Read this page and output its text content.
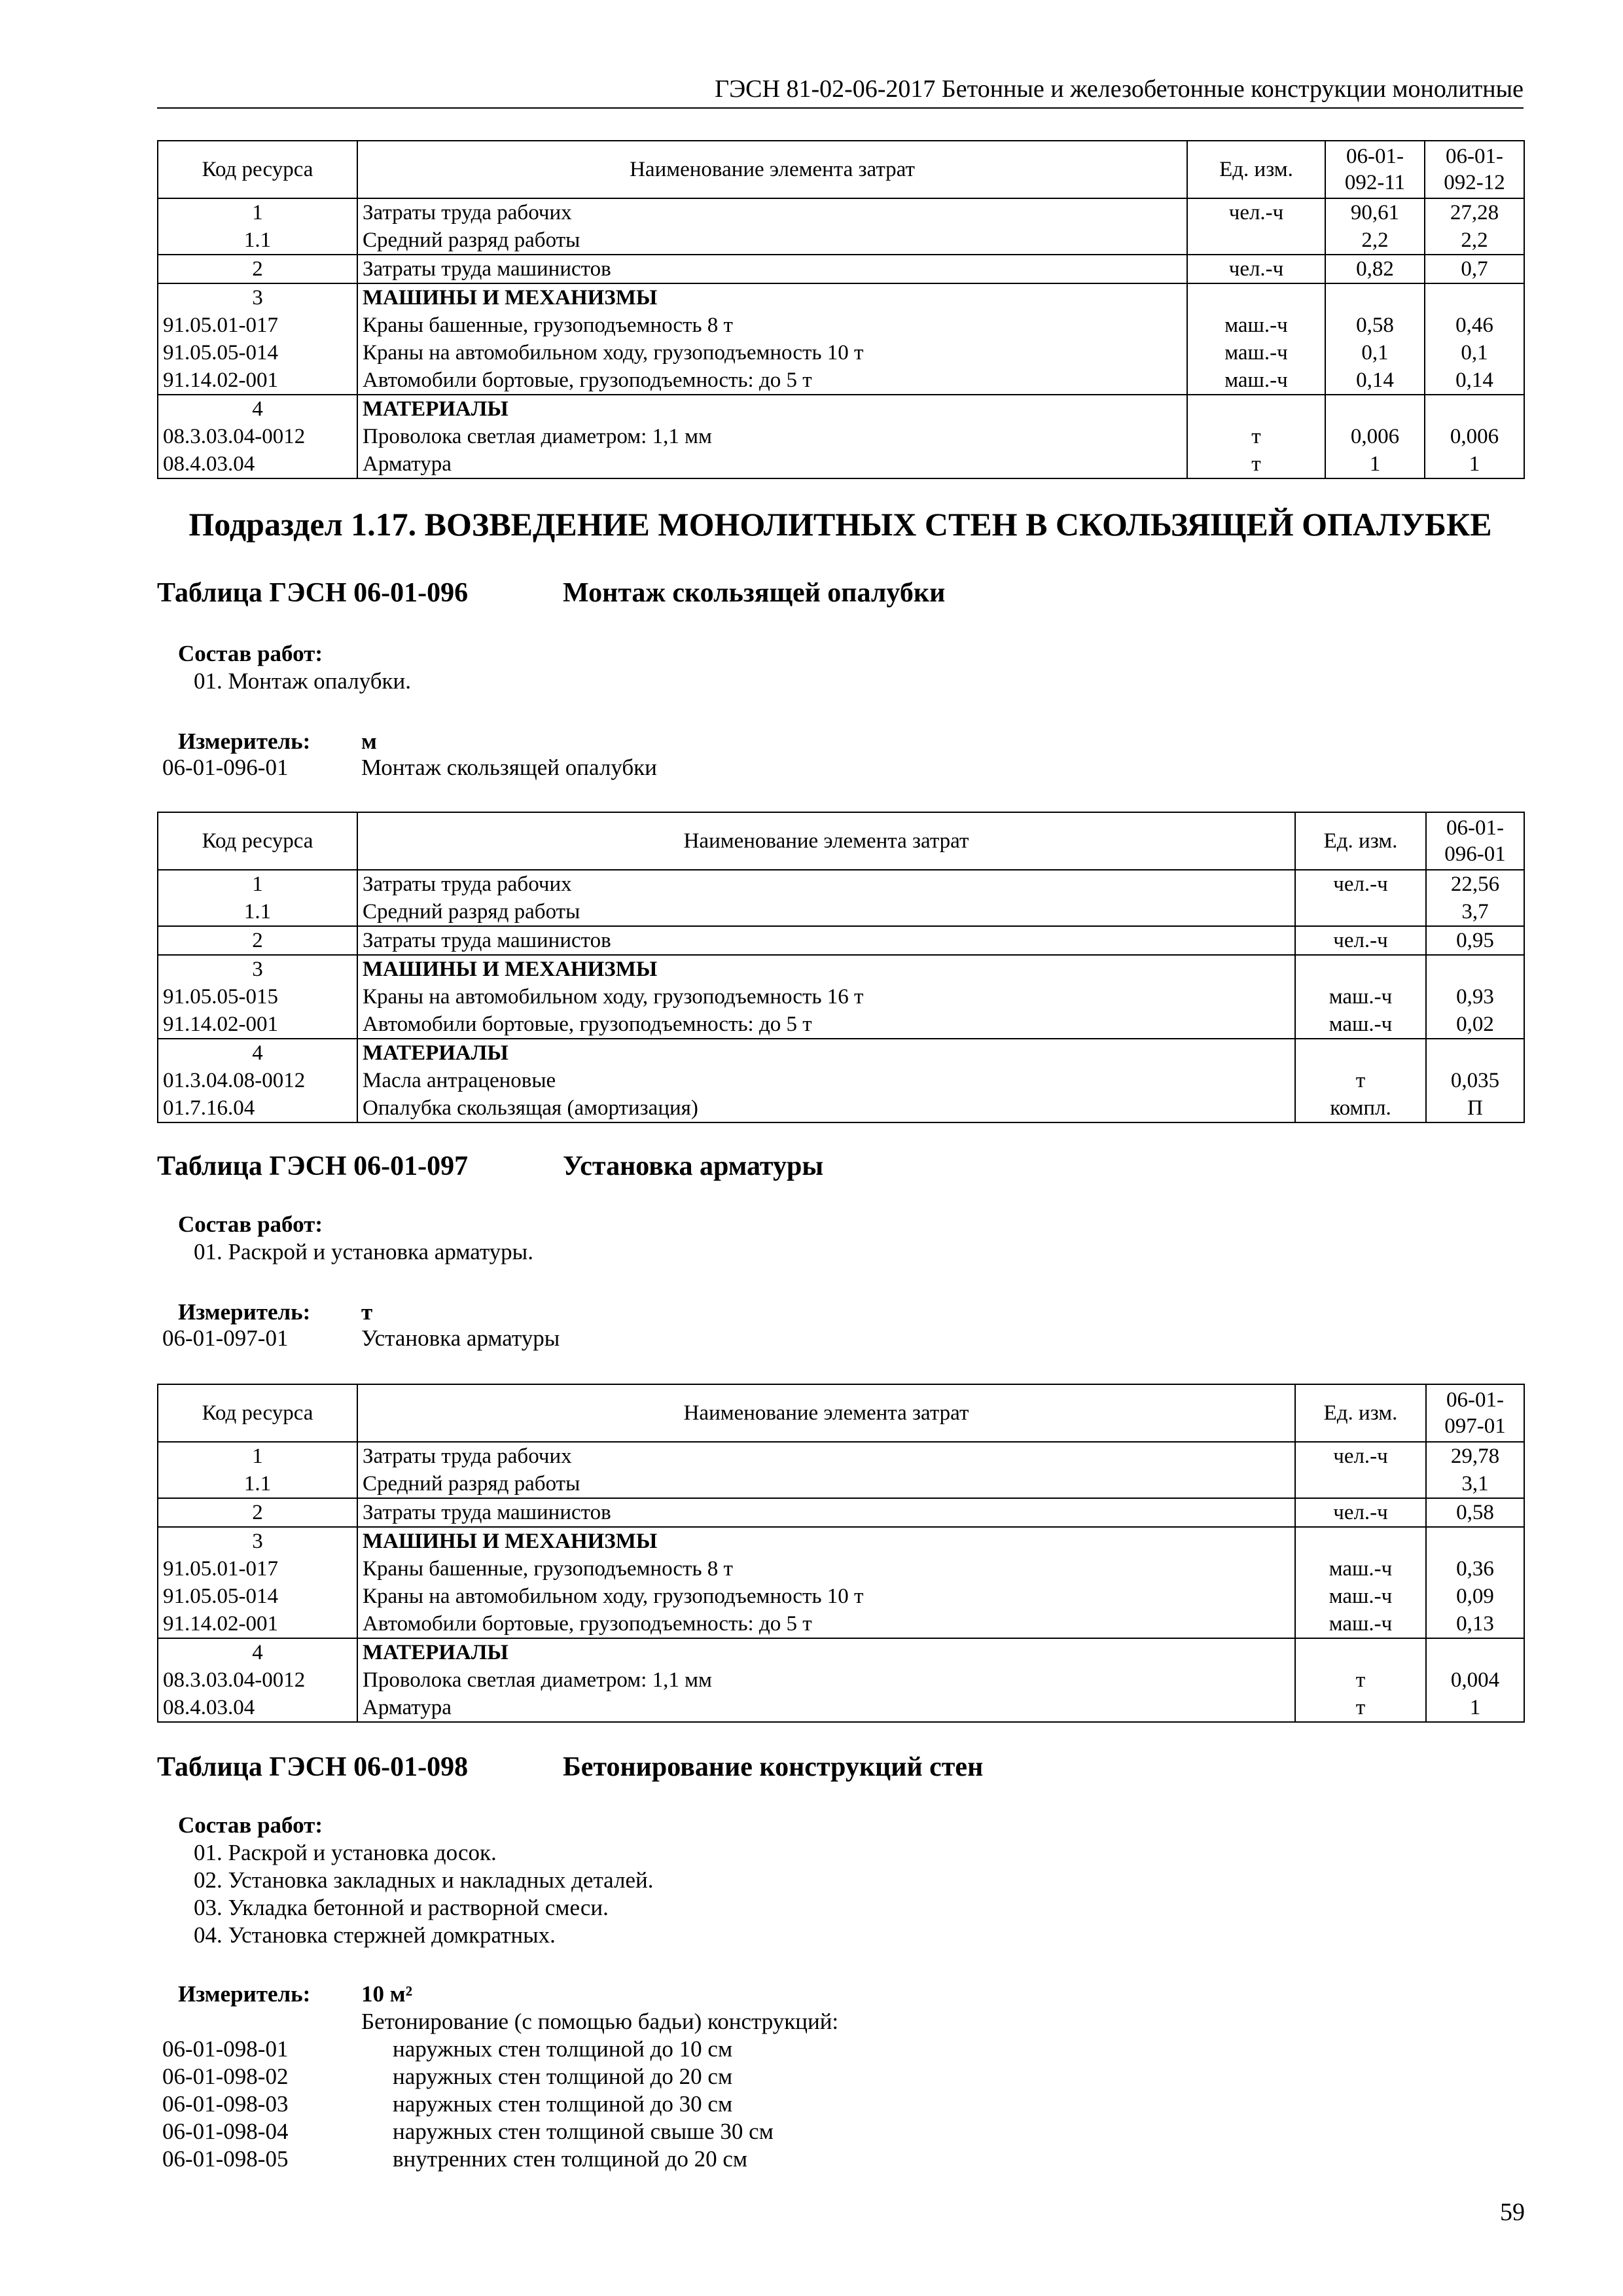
ГЭСН 81-02-06-2017 Бетонные и железобетонные конструкции монолитные
Код ресурса	Наименование элемента затрат	Ед. изм.	06-01-092-11	06-01-092-12
1	Затраты труда рабочих	чел.-ч	90,61	27,28
1.1	Средний разряд работы		2,2	2,2
2	Затраты труда машинистов	чел.-ч	0,82	0,7
3	МАШИНЫ И МЕХАНИЗМЫ			
91.05.01-017	Краны башенные, грузоподъемность 8 т	маш.-ч	0,58	0,46
91.05.05-014	Краны на автомобильном ходу, грузоподъемность 10 т	маш.-ч	0,1	0,1
91.14.02-001	Автомобили бортовые, грузоподъемность: до 5 т	маш.-ч	0,14	0,14
4	МАТЕРИАЛЫ			
08.3.03.04-0012	Проволока светлая диаметром: 1,1 мм	т	0,006	0,006
08.4.03.04	Арматура	т	1	1
Подраздел 1.17. ВОЗВЕДЕНИЕ МОНОЛИТНЫХ СТЕН В СКОЛЬЗЯЩЕЙ ОПАЛУБКЕ
Таблица ГЭСН 06-01-096	Монтаж скользящей опалубки
Состав работ:
01. Монтаж опалубки.
Измеритель: м
06-01-096-01	Монтаж скользящей опалубки
Код ресурса	Наименование элемента затрат	Ед. изм.	06-01-096-01
1	Затраты труда рабочих	чел.-ч	22,56
1.1	Средний разряд работы		3,7
2	Затраты труда машинистов	чел.-ч	0,95
3	МАШИНЫ И МЕХАНИЗМЫ		
91.05.05-015	Краны на автомобильном ходу, грузоподъемность 16 т	маш.-ч	0,93
91.14.02-001	Автомобили бортовые, грузоподъемность: до 5 т	маш.-ч	0,02
4	МАТЕРИАЛЫ		
01.3.04.08-0012	Масла антраценовые	т	0,035
01.7.16.04	Опалубка скользящая (амортизация)	компл.	П
Таблица ГЭСН 06-01-097	Установка арматуры
Состав работ:
01. Раскрой и установка арматуры.
Измеритель: т
06-01-097-01	Установка арматуры
Код ресурса	Наименование элемента затрат	Ед. изм.	06-01-097-01
1	Затраты труда рабочих	чел.-ч	29,78
1.1	Средний разряд работы		3,1
2	Затраты труда машинистов	чел.-ч	0,58
3	МАШИНЫ И МЕХАНИЗМЫ		
91.05.01-017	Краны башенные, грузоподъемность 8 т	маш.-ч	0,36
91.05.05-014	Краны на автомобильном ходу, грузоподъемность 10 т	маш.-ч	0,09
91.14.02-001	Автомобили бортовые, грузоподъемность: до 5 т	маш.-ч	0,13
4	МАТЕРИАЛЫ		
08.3.03.04-0012	Проволока светлая диаметром: 1,1 мм	т	0,004
08.4.03.04	Арматура	т	1
Таблица ГЭСН 06-01-098	Бетонирование конструкций стен
Состав работ:
01. Раскрой и установка досок.
02. Установка закладных и накладных деталей.
03. Укладка бетонной и растворной смеси.
04. Установка стержней домкратных.
Измеритель: 10 м²
Бетонирование (с помощью бадьи) конструкций:
06-01-098-01	наружных стен толщиной до 10 см
06-01-098-02	наружных стен толщиной до 20 см
06-01-098-03	наружных стен толщиной до 30 см
06-01-098-04	наружных стен толщиной свыше 30 см
06-01-098-05	внутренних стен толщиной до 20 см
59
